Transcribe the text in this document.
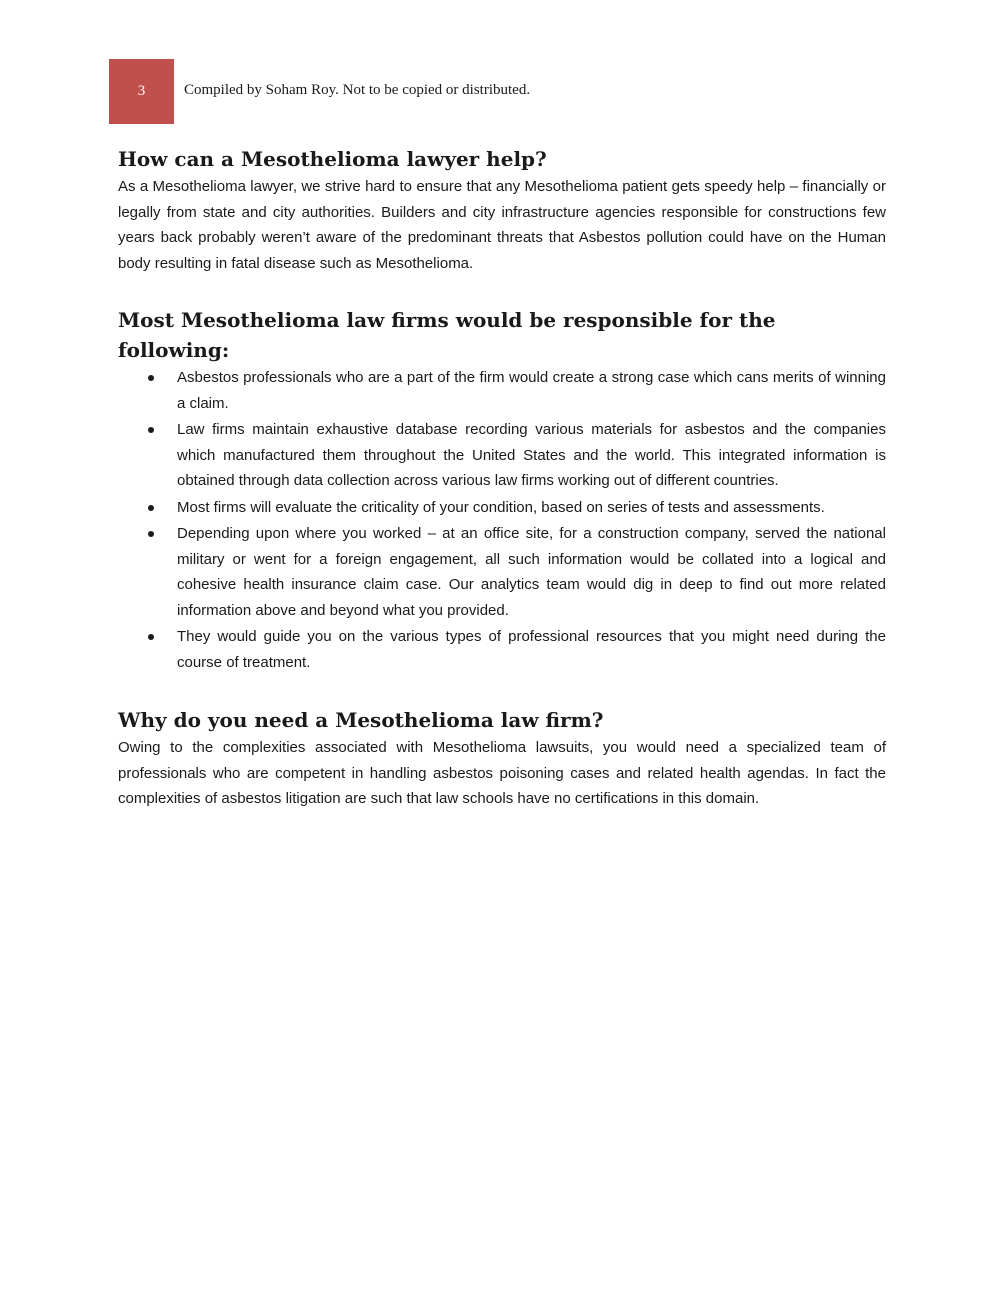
3	Compiled by Soham Roy. Not to be copied or distributed.
How can a Mesothelioma lawyer help?

As a Mesothelioma lawyer, we strive hard to ensure that any Mesothelioma patient gets speedy help – financially or legally from state and city authorities. Builders and city infrastructure agencies responsible for constructions few years back probably weren’t aware of the predominant threats that Asbestos pollution could have on the Human body resulting in fatal disease such as Mesothelioma.

Most Mesothelioma law firms would be responsible for the following:
Asbestos professionals who are a part of the firm would create a strong case which cans merits of winning a claim.
Law firms maintain exhaustive database recording various materials for asbestos and the companies which manufactured them throughout the United States and the world. This integrated information is obtained through data collection across various law firms working out of different countries.
Most firms will evaluate the criticality of your condition, based on series of tests and assessments.
Depending upon where you worked – at an office site, for a construction company, served the national military or went for a foreign engagement, all such information would be collated into a logical and cohesive health insurance claim case. Our analytics team would dig in deep to find out more related information above and beyond what you provided.
They would guide you on the various types of professional resources that you might need during the course of treatment.
Why do you need a Mesothelioma law firm?

Owing to the complexities associated with Mesothelioma lawsuits, you would need a specialized team of professionals who are competent in handling asbestos poisoning cases and related health agendas. In fact the complexities of asbestos litigation are such that law schools have no certifications in this domain.
